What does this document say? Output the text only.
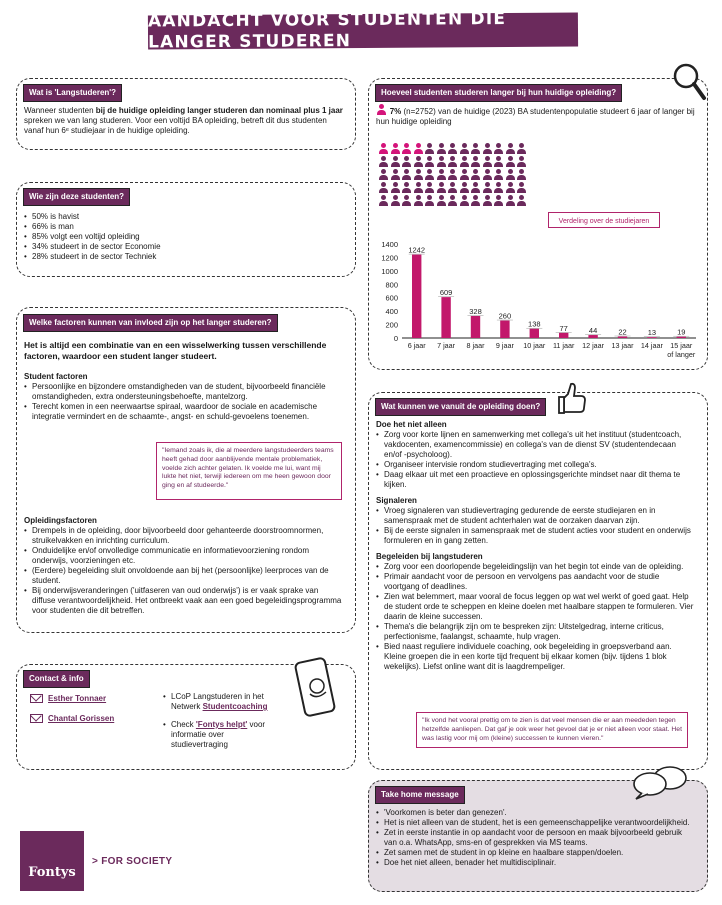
AANDACHT VOOR STUDENTEN DIE LANGER STUDEREN
Wat is 'Langstuderen'?
Wanneer studenten bij de huidige opleiding langer studeren dan nominaal plus 1 jaar spreken we van lang studeren. Voor een voltijd BA opleiding, betreft dit dus studenten vanaf hun 6ᵉ studiejaar in de huidige opleiding.
Wie zijn deze studenten?
• 50% is havist
• 66% is man
• 85% volgt een voltijd opleiding
• 34% studeert in de sector Economie
• 28% studeert in de sector Techniek
Welke factoren kunnen van invloed zijn op het langer studeren?
Het is altijd een combinatie van en een wisselwerking tussen verschillende factoren, waardoor een student langer studeert.
Student factoren
• Persoonlijke en bijzondere omstandigheden van de student, bijvoorbeeld financiële omstandigheden, extra ondersteuningsbehoefte, mantelzorg.
• Terecht komen in een neerwaartse spiraal, waardoor de sociale en academische integratie vermindert en de schaamte-, angst- en schuld-gevoelens toenemen.
"Iemand zoals ik, die al meerdere langstudeerders teams heeft gehad door aanblijvende mentale problematiek, voelde zich achter gelaten. Ik voelde me lui, want mij lukte het niet, terwijl iedereen om me heen gewoon door ging en af studeerde."
Opleidingsfactoren
• Drempels in de opleiding, door bijvoorbeeld door gehanteerde doorstroomnormen, struikelvakken en inrichting curriculum.
• Onduidelijke en/of onvolledige communicatie en informatievoorziening rondom onderwijs, voorzieningen etc.
• (Eerdere) begeleiding sluit onvoldoende aan bij het (persoonlijke) leerproces van de student.
• Bij onderwijsveranderingen ('uitfaseren van oud onderwijs') is er vaak sprake van diffuse verantwoordelijkheid. Het ontbreekt vaak aan een goed begeleidingsprogramma voor studenten die dit betreffen.
Contact & info
Esther Tonnaer
Chantal Gorissen
• LCoP Langstuderen in het Netwerk Studentcoaching
• Check 'Fontys helpt' voor informatie over studievertraging
Fontys
> FOR SOCIETY
Hoeveel studenten studeren langer bij hun huidige opleiding?
7% (n=2752) van de huidige (2023) BA studentenpopulatie studeert 6 jaar of langer bij hun huidige opleiding
Verdeling over de studiejaren
0
200
400
600
800
1000
1200
1400
1242
6 jaar
609
7 jaar
328
8 jaar
260
9 jaar
138
10 jaar
77
11 jaar
44
12 jaar
22
13 jaar
13
14 jaar
19
15 jaar
of langer
Wat kunnen we vanuit de opleiding doen?
Doe het niet alleen
• Zorg voor korte lijnen en samenwerking met collega's uit het instituut (studentcoach, vakdocenten, examencommissie) en collega's van de dienst SV (studentendecaan en/of -psycholoog).
• Organiseer intervisie rondom studievertraging met collega's.
• Daag elkaar uit met een proactieve en oplossingsgerichte mindset naar dit thema te kijken.
Signaleren
• Vroeg signaleren van studievertraging gedurende de eerste studiejaren en in samenspraak met de student achterhalen wat de oorzaken daarvan zijn.
• Bij de eerste signalen in samenspraak met de student acties voor student en onderwijs formuleren en in gang zetten.
Begeleiden bij langstuderen
• Zorg voor een doorlopende begeleidingslijn van het begin tot einde van de opleiding.
• Primair aandacht voor de persoon en vervolgens pas aandacht voor de studie voortgang of deadlines.
• Zien wat belemmert, maar vooral de focus leggen op wat wel werkt of goed gaat. Help de student orde te scheppen en kleine doelen met haalbare stappen te formuleren. Vier daarin de kleine successen.
• Thema's die belangrijk zijn om te bespreken zijn: Uitstelgedrag, interne criticus, perfectionisme, faalangst, schaamte, hulp vragen.
• Bied naast reguliere individuele coaching, ook begeleiding in groepsverband aan. Kleine groepen die in een korte tijd frequent bij elkaar komen (bijv. tijdens 1 blok wekelijks). Liefst online want dit is laagdrempeliger.
"Ik vond het vooral prettig om te zien is dat veel mensen die er aan meededen tegen hetzelfde aanliepen. Dat gaf je ook weer het gevoel dat je er niet alleen voor staat. Het was lastig voor mij om (kleine) successen te kunnen vieren."
Take home message
• 'Voorkomen is beter dan genezen'.
• Het is niet alleen van de student, het is een gemeenschappelijke verantwoordelijkheid.
• Zet in eerste instantie in op aandacht voor de persoon en maak bijvoorbeeld gebruik van o.a. WhatsApp, sms-en of gesprekken via MS teams.
• Zet samen met de student in op kleine en haalbare stappen/doelen.
• Doe het niet alleen, benader het multidisciplinair.
